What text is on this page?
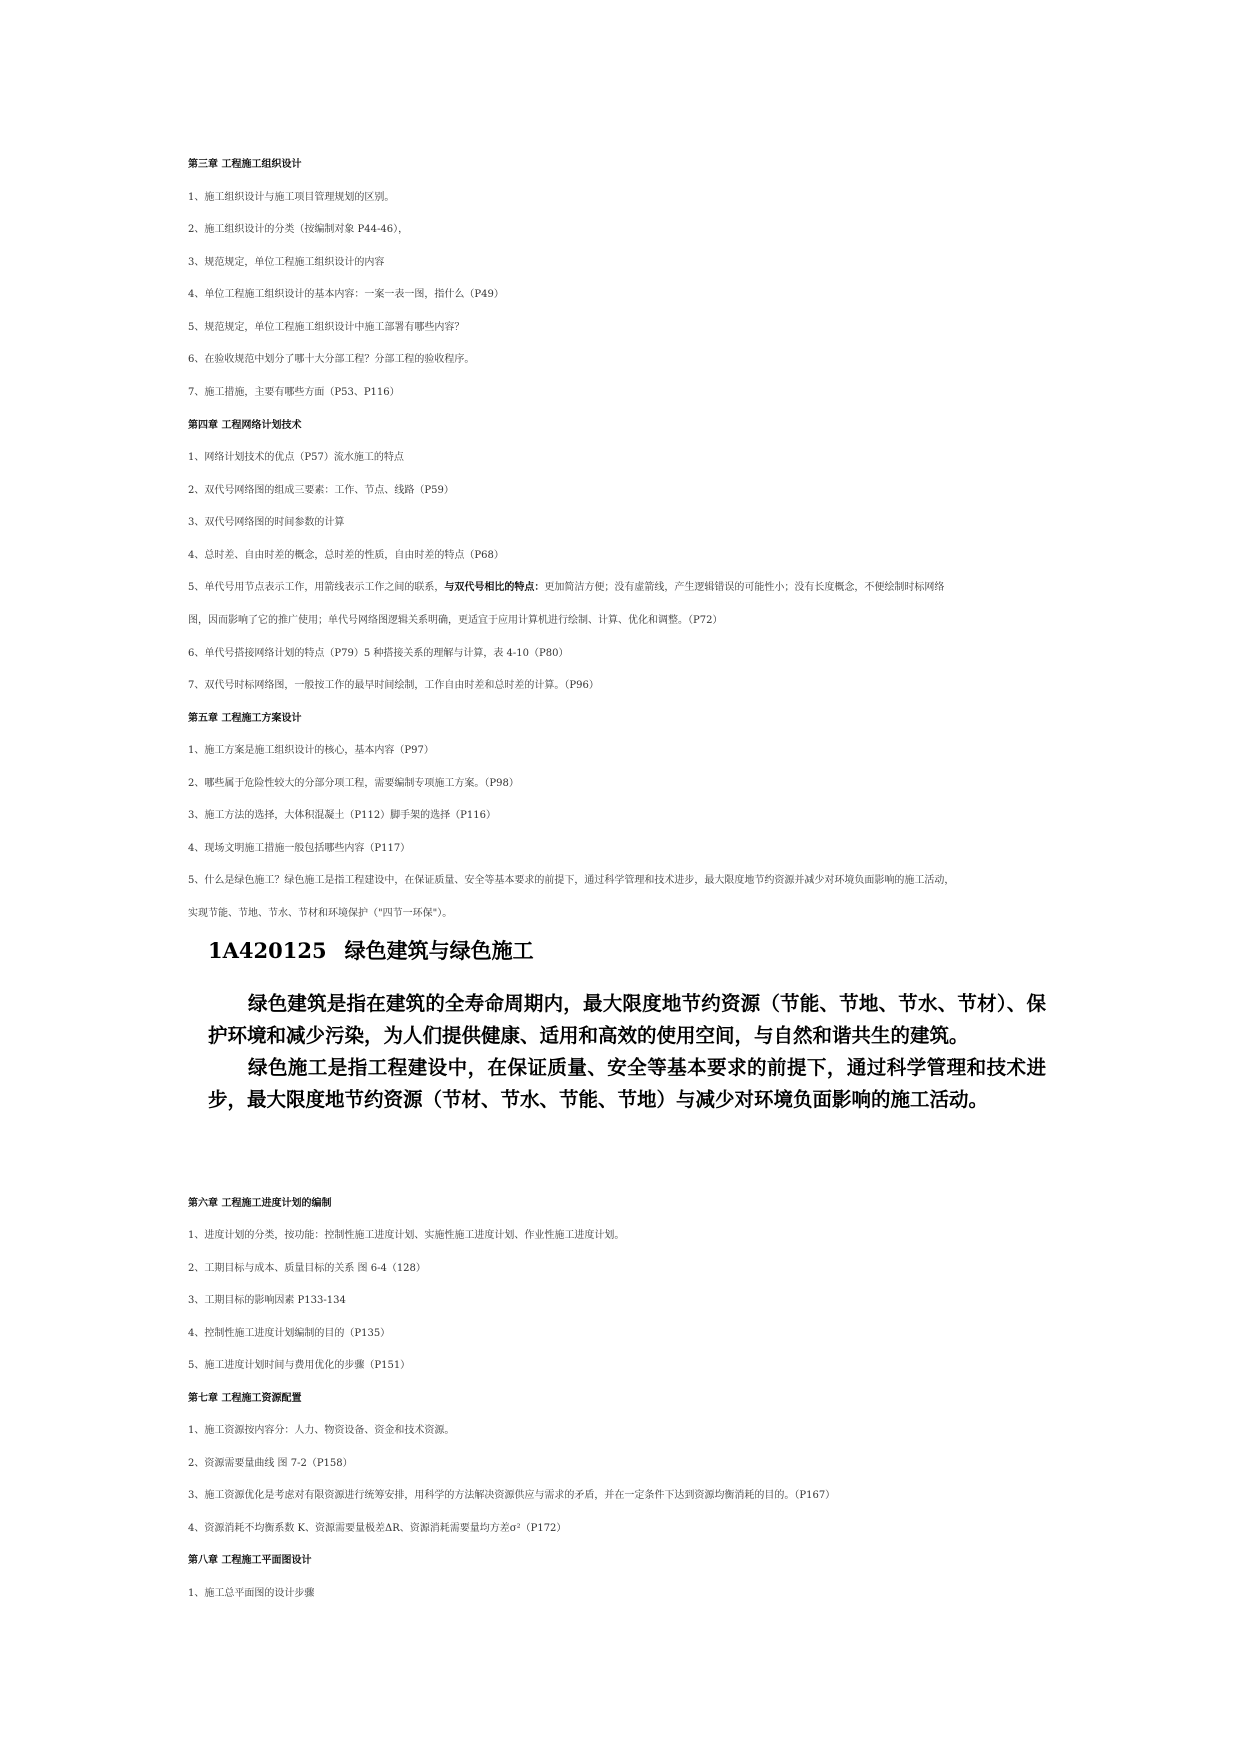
第三章 工程施工组织设计
1、施工组织设计与施工项目管理规划的区别。
2、施工组织设计的分类（按编制对象 P44-46），
3、规范规定，单位工程施工组织设计的内容
4、单位工程施工组织设计的基本内容：一案一表一图，指什么（P49）
5、规范规定，单位工程施工组织设计中施工部署有哪些内容？
6、在验收规范中划分了哪十大分部工程？分部工程的验收程序。
7、施工措施，主要有哪些方面（P53、P116）
第四章 工程网络计划技术
1、网络计划技术的优点（P57）流水施工的特点
2、双代号网络图的组成三要素：工作、节点、线路（P59）
3、双代号网络图的时间参数的计算
4、总时差、自由时差的概念，总时差的性质，自由时差的特点（P68）
5、单代号用节点表示工作，用箭线表示工作之间的联系，与双代号相比的特点：更加简洁方便；没有虚箭线，产生逻辑错误的可能性小；没有长度概念，不便绘制时标网络
图，因而影响了它的推广使用；单代号网络图逻辑关系明确，更适宜于应用计算机进行绘制、计算、优化和调整。（P72）
6、单代号搭接网络计划的特点（P79）5 种搭接关系的理解与计算，表 4-10（P80）
7、双代号时标网络图，一般按工作的最早时间绘制，工作自由时差和总时差的计算。（P96）
第五章 工程施工方案设计
1、施工方案是施工组织设计的核心，基本内容（P97）
2、哪些属于危险性较大的分部分项工程，需要编制专项施工方案。（P98）
3、施工方法的选择，大体积混凝土（P112）脚手架的选择（P116）
4、现场文明施工措施一般包括哪些内容（P117）
5、什么是绿色施工？绿色施工是指工程建设中，在保证质量、安全等基本要求的前提下，通过科学管理和技术进步，最大限度地节约资源并减少对环境负面影响的施工活动，
实现节能、节地、节水、节材和环境保护（"四节一环保"）。
1A420125 绿色建筑与绿色施工

绿色建筑是指在建筑的全寿命周期内，最大限度地节约资源（节能、节地、节水、节材）、保护环境和减少污染，为人们提供健康、适用和高效的使用空间，与自然和谐共生的建筑。

绿色施工是指工程建设中，在保证质量、安全等基本要求的前提下，通过科学管理和技术进步，最大限度地节约资源（节材、节水、节能、节地）与减少对环境负面影响的施工活动。

第六章 工程施工进度计划的编制
1、进度计划的分类，按功能：控制性施工进度计划、实施性施工进度计划、作业性施工进度计划。
2、工期目标与成本、质量目标的关系 图 6-4（128）
3、工期目标的影响因素 P133-134
4、控制性施工进度计划编制的目的（P135）
5、施工进度计划时间与费用优化的步骤（P151）
第七章 工程施工资源配置
1、施工资源按内容分：人力、物资设备、资金和技术资源。
2、资源需要量曲线 图 7-2（P158）
3、施工资源优化是考虑对有限资源进行统筹安排，用科学的方法解决资源供应与需求的矛盾，并在一定条件下达到资源均衡消耗的目的。（P167）
4、资源消耗不均衡系数 K、资源需要量极差ΔR、资源消耗需要量均方差σ²（P172）
第八章 工程施工平面图设计
1、施工总平面图的设计步骤
